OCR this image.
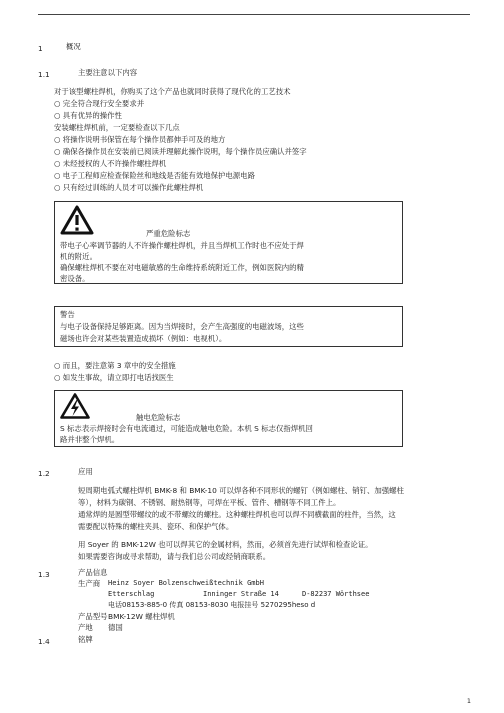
1	概况
1.1	主要注意以下内容
对于该型螺柱焊机，你购买了这个产品也就同时获得了现代化的工艺技术
○ 完全符合现行安全要求并
○ 具有优异的操作性
安装螺柱焊机前，一定要检查以下几点
○ 将操作说明书保管在每个操作员都伸手可及的地方
○ 确保各操作员在安装前已阅读并理解此操作说明，每个操作员应确认并签字
○ 未经授权的人不许操作螺柱焊机
○ 电子工程师应检查保险丝和地线是否能有效地保护电源电路
○ 只有经过训练的人员才可以操作此螺柱焊机
严重危险标志
带电子心率调节器的人不许操作螺柱焊机，并且当焊机工作时也不应处于焊
机的附近。
确保螺柱焊机不要在对电磁敏感的生命维持系统附近工作，例如医院内的精
密设备。
警告
与电子设备保持足够距离。因为当焊接时，会产生高强度的电磁波场，这些
磁场也许会对某些装置造成损坏（例如：电视机）。
○ 而且，要注意第 3 章中的安全措施
○ 如发生事故，请立即打电话找医生
触电危险标志
S 标志表示焊接时会有电流通过，可能造成触电危险。本机 S 标志仅指焊机回
路并非整个焊机。
1.2	应用
短周期电弧式螺柱焊机 BMK-8 和 BMK-10 可以焊各种不同形状的螺钉（例如螺柱、销钉、加强螺柱
等），材料为碳钢、不锈钢、耐热钢等，可焊在平板、管件、槽钢等不同工件上。
通常焊的是圆型带螺纹的或不带螺纹的螺柱。这种螺柱焊机也可以焊不同横截面的柱件，当然，这
需要配以特殊的螺柱夹具、瓷环、和保护气体。
用 Soyer 的 BMK-12W 也可以焊其它的金属材料，然而，必须首先进行试焊和检查论证。
如果需要咨询或寻求帮助，请与我们总公司或经销商联系。
1.3	产品信息
生产商 Heinz Soyer Bolzenschweißtechnik GmbH
Etterschlag	Inninger Straße 14	D-82237 Wörthsee
电话08153-885-0 传真 08153-8030 电报挂号 5270295heso d
产品型号 BMK-12W 螺柱焊机
产地 德国
1.4	铭牌
1
